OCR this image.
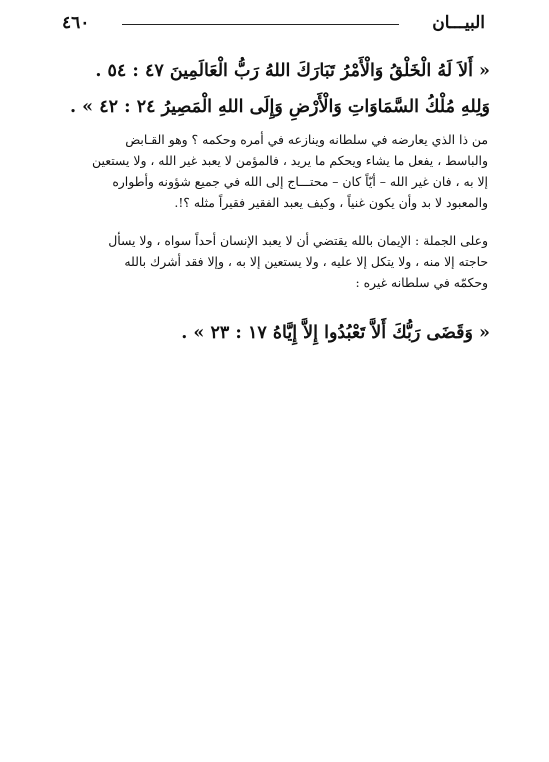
البيـــان
٤٦٠
« أَلاَ لَهُ الْخَلْقُ وَالْأَمْرُ تَبَارَكَ اللهُ رَبُّ الْعَالَمِينَ ٤٧ : ٥٤ .
وَلِلهِ مُلْكُ السَّمَاوَاتِ وَالْأَرْضِ وَإِلَى اللهِ الْمَصِيرُ ٢٤ : ٤٢ » .
من ذا الذي يعارضه في سلطانه وينازعه في أمره وحكمه ؟ وهو القـابض
والباسط ، يفعل ما يشاء ويحكم ما يريد ، فالمؤمن لا يعبد غير الله ، ولا يستعين
إلا به ، فان غير الله – أيّاً كان – محتـــاج إلى الله في جميع شؤونه وأطواره
والمعبود لا بد وأن يكون غنياً ، وكيف يعبد الفقير فقيراً مثله ؟!.
وعلى الجملة : الإيمان بالله يقتضي أن لا يعبد الإنسان أحداً سواه ، ولا يسأل
حاجته إلا منه ، ولا يتكل إلا عليه ، ولا يستعين إلا به ، وإلا فقد أشرك بالله
وحكمّه في سلطانه غيره :
« وَقَضَى رَبُّكَ أَلاَّ تَعْبُدُوا إِلاَّ إِيَّاهُ ١٧ : ٢٣ » .
